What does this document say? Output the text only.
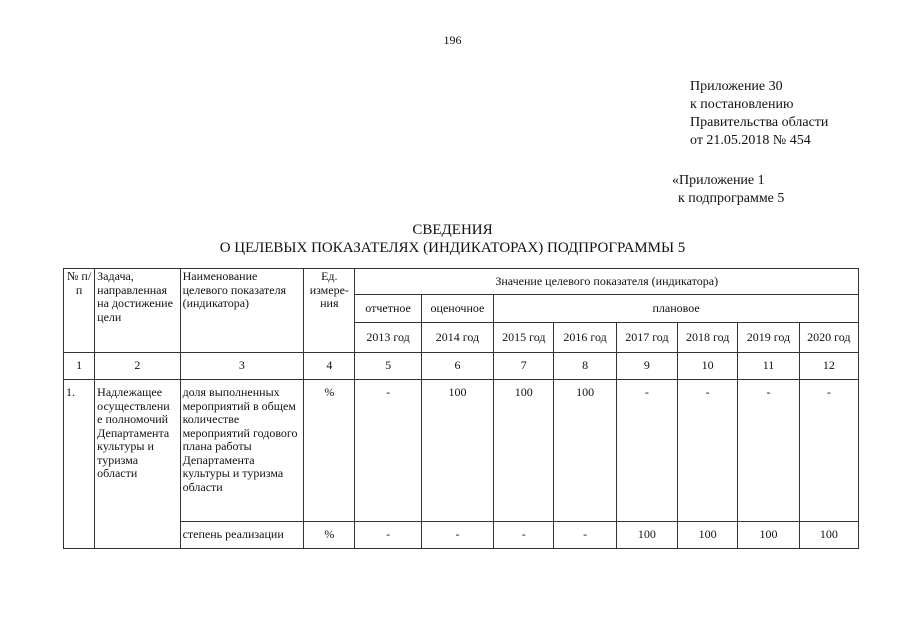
196
Приложение 30
к постановлению
Правительства области
от 21.05.2018 № 454
«Приложение 1
к подпрограмме 5
СВЕДЕНИЯ
О ЦЕЛЕВЫХ ПОКАЗАТЕЛЯХ (ИНДИКАТОРАХ) ПОДПРОГРАММЫ 5
№ п/п	Задача, направленная на достижение цели	Наименование целевого показателя (индикатора)	Ед. измере-ния	Значение целевого показателя (индикатора)							
				отчетное	оценочное	плановое					
				2013 год	2014 год	2015 год	2016 год	2017 год	2018 год	2019 год	2020 год
1	2	3	4	5	6	7	8	9	10	11	12
1.	Надлежащее осуществлени е полномочий Департамента культуры и туризма области	доля выполненных мероприятий в общем количестве мероприятий годового плана работы Департамента культуры и туризма области	%	-	100	100	100	-	-	-	-
		степень реализации	%	-	-	-	-	100	100	100	100
